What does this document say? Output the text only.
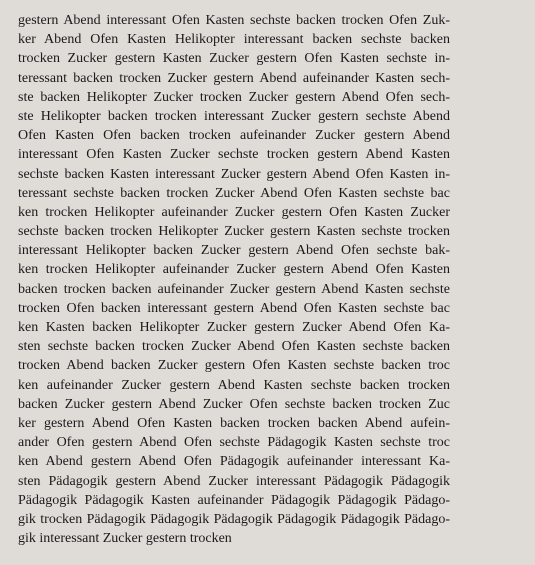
gestern Abend interessant Ofen Kasten sechste backen trocken Ofen Zuk-
ker Abend Ofen Kasten Helikopter interessant backen sechste backen
trocken Zucker gestern Kasten Zucker gestern Ofen Kasten sechste in-
teressant backen trocken Zucker gestern Abend aufeinander Kasten sech-
ste backen Helikopter Zucker trocken Zucker gestern Abend Ofen sech-
ste Helikopter backen trocken interessant Zucker gestern sechste Abend
Ofen Kasten Ofen backen trocken aufeinander Zucker gestern Abend
interessant Ofen Kasten Zucker sechste trocken gestern Abend Kasten
sechste backen Kasten interessant Zucker gestern Abend Ofen Kasten in-
teressant sechste backen trocken Zucker Abend Ofen Kasten sechste bac
ken trocken Helikopter aufeinander Zucker gestern Ofen Kasten Zucker
sechste backen trocken Helikopter Zucker gestern Kasten sechste trocken
interessant Helikopter backen Zucker gestern Abend Ofen sechste bak-
ken trocken Helikopter aufeinander Zucker gestern Abend Ofen Kasten
backen trocken backen aufeinander Zucker gestern Abend Kasten sechste
trocken Ofen backen interessant gestern Abend Ofen Kasten sechste bac
ken Kasten backen Helikopter Zucker gestern Zucker Abend Ofen Ka-
sten sechste backen trocken Zucker Abend Ofen Kasten sechste backen
trocken Abend backen Zucker gestern Ofen Kasten sechste backen troc
ken aufeinander Zucker gestern Abend Kasten sechste backen trocken
backen Zucker gestern Abend Zucker Ofen sechste backen trocken Zuc
ker gestern Abend Ofen Kasten backen trocken backen Abend aufein-
ander Ofen gestern Abend Ofen sechste Pädagogik Kasten sechste troc
ken Abend gestern Abend Ofen Pädagogik aufeinander interessant Ka-
sten Pädagogik gestern Abend Zucker interessant Pädagogik Pädagogik
Pädagogik Pädagogik Kasten aufeinander Pädagogik Pädagogik Pädago-
gik trocken Pädagogik Pädagogik Pädagogik Pädagogik Pädagogik Pädago-
gik interessant Zucker gestern trocken
